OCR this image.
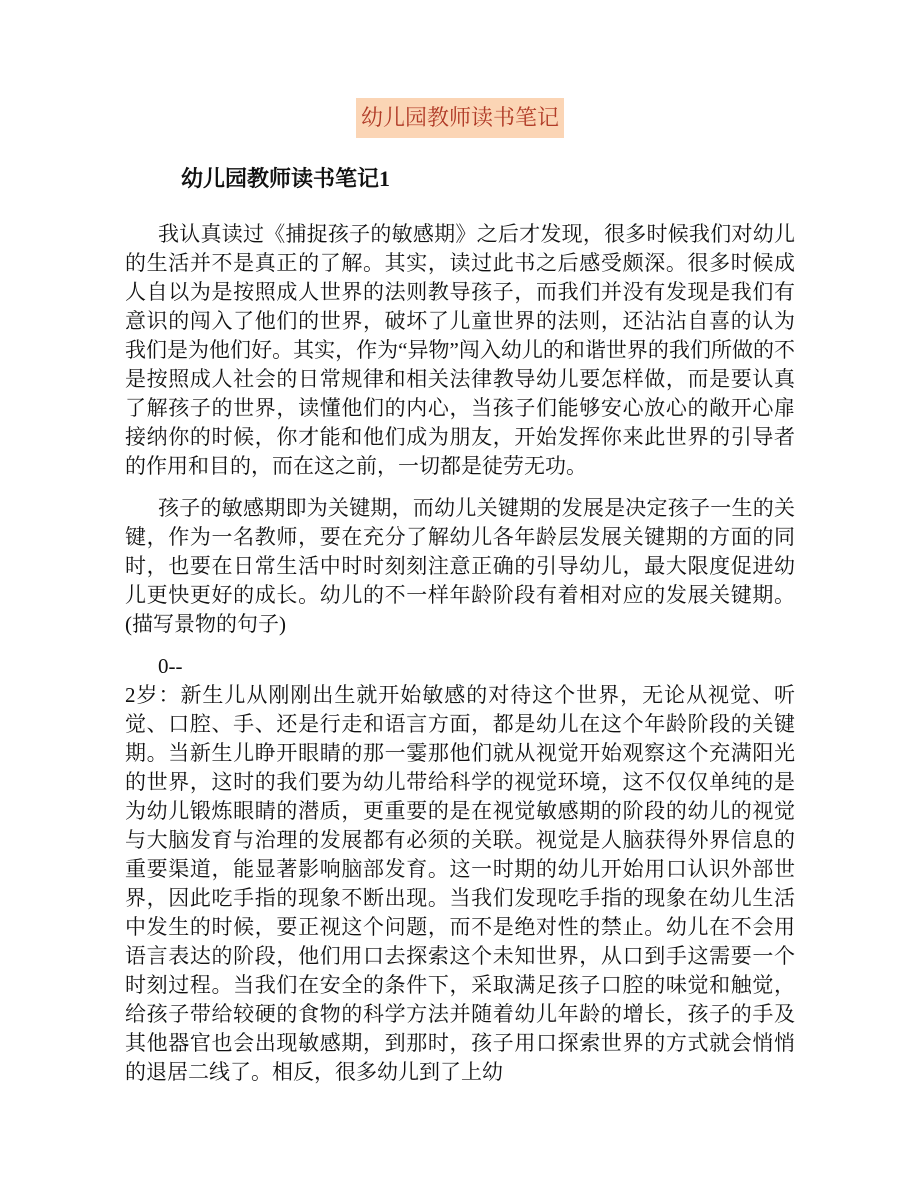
幼儿园教师读书笔记

幼儿园教师读书笔记1

我认真读过《捕捉孩子的敏感期》之后才发现，很多时候我们对幼儿的生活并不是真正的了解。其实，读过此书之后感受颇深。很多时候成人自以为是按照成人世界的法则教导孩子，而我们并没有发现是我们有意识的闯入了他们的世界，破坏了儿童世界的法则，还沾沾自喜的认为我们是为他们好。其实，作为“异物”闯入幼儿的和谐世界的我们所做的不是按照成人社会的日常规律和相关法律教导幼儿要怎样做，而是要认真了解孩子的世界，读懂他们的内心，当孩子们能够安心放心的敞开心扉接纳你的时候，你才能和他们成为朋友，开始发挥你来此世界的引导者的作用和目的，而在这之前，一切都是徒劳无功。

孩子的敏感期即为关键期，而幼儿关键期的发展是决定孩子一生的关键，作为一名教师，要在充分了解幼儿各年龄层发展关键期的方面的同时，也要在日常生活中时时刻刻注意正确的引导幼儿，最大限度促进幼儿更快更好的成长。幼儿的不一样年龄阶段有着相对应的发展关键期。(描写景物的句子)

0--

2岁：新生儿从刚刚出生就开始敏感的对待这个世界，无论从视觉、听觉、口腔、手、还是行走和语言方面，都是幼儿在这个年龄阶段的关键期。当新生儿睁开眼睛的那一霎那他们就从视觉开始观察这个充满阳光的世界，这时的我们要为幼儿带给科学的视觉环境，这不仅仅单纯的是为幼儿锻炼眼睛的潜质，更重要的是在视觉敏感期的阶段的幼儿的视觉与大脑发育与治理的发展都有必须的关联。视觉是人脑获得外界信息的重要渠道，能显著影响脑部发育。这一时期的幼儿开始用口认识外部世界，因此吃手指的现象不断出现。当我们发现吃手指的现象在幼儿生活中发生的时候，要正视这个问题，而不是绝对性的禁止。幼儿在不会用语言表达的阶段，他们用口去探索这个未知世界，从口到手这需要一个时刻过程。当我们在安全的条件下，采取满足孩子口腔的味觉和触觉，给孩子带给较硬的食物的科学方法并随着幼儿年龄的增长，孩子的手及其他器官也会出现敏感期，到那时，孩子用口探索世界的方式就会悄悄的退居二线了。相反，很多幼儿到了上幼
